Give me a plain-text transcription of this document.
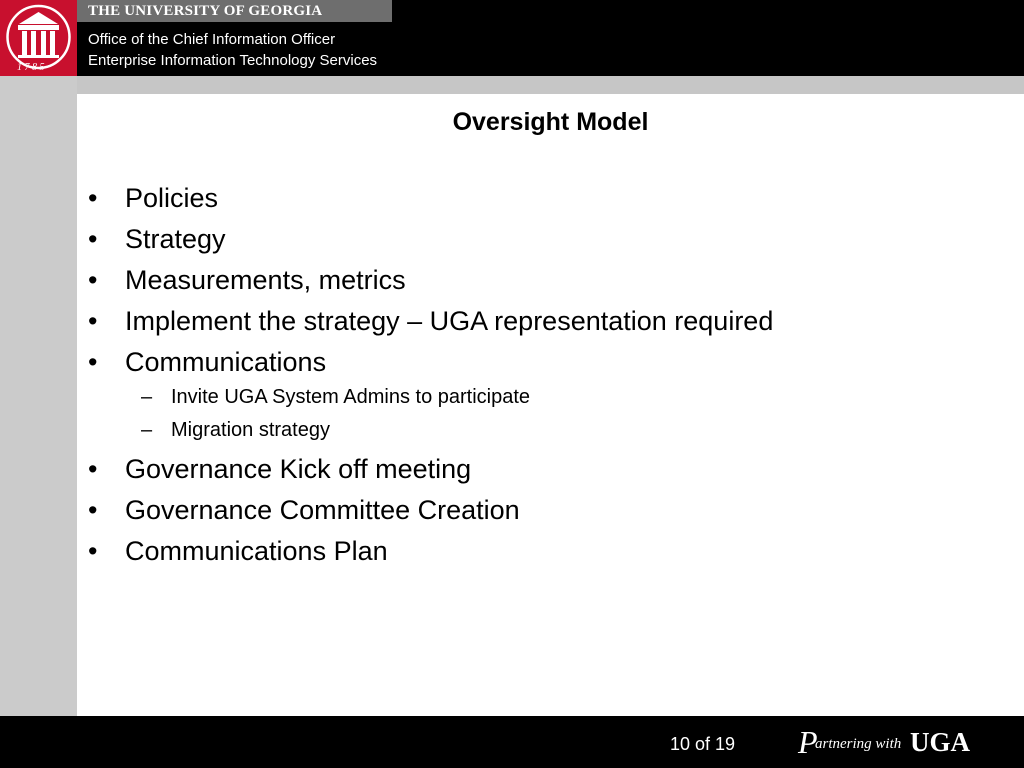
1 7 8 5
THE UNIVERSITY OF GEORGIA
Office of the Chief Information Officer
Enterprise Information Technology Services
Oversight Model
• Policies
• Strategy
• Measurements, metrics
• Implement the strategy – UGA representation required
• Communications
– Invite UGA System Admins to participate
– Migration strategy
• Governance Kick off meeting
• Governance Committee Creation
• Communications Plan
10 of 19 P
artnering with UGA
